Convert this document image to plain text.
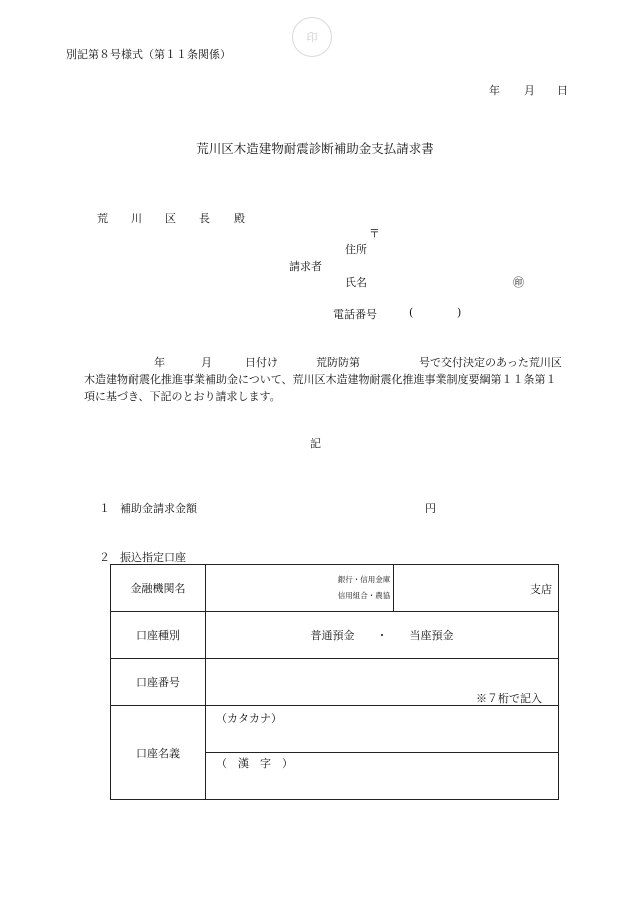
別記第８号様式（第１１条関係）
印
年 月 日
荒川区木造建物耐震診断補助金支払請求書
荒 川 区 長 殿
〒
住所
請求者
氏名	㊞
電話番号	(	)
年	月	日付け	荒防防第	号で交付決定のあった荒川区
木造建物耐震化推進事業補助金について、荒川区木造建物耐震化推進事業制度要綱第１１条第１
項に基づき、下記のとおり請求します。
記
１ 補助金請求金額	円
２ 振込指定口座
金融機関名	銀行・信用金庫
信用組合・農協 支店

口座種別	普通預金　　・　　当座預金

口座番号	※７桁で記入

口座名義	（カタカナ）

	（　漢　字　）
